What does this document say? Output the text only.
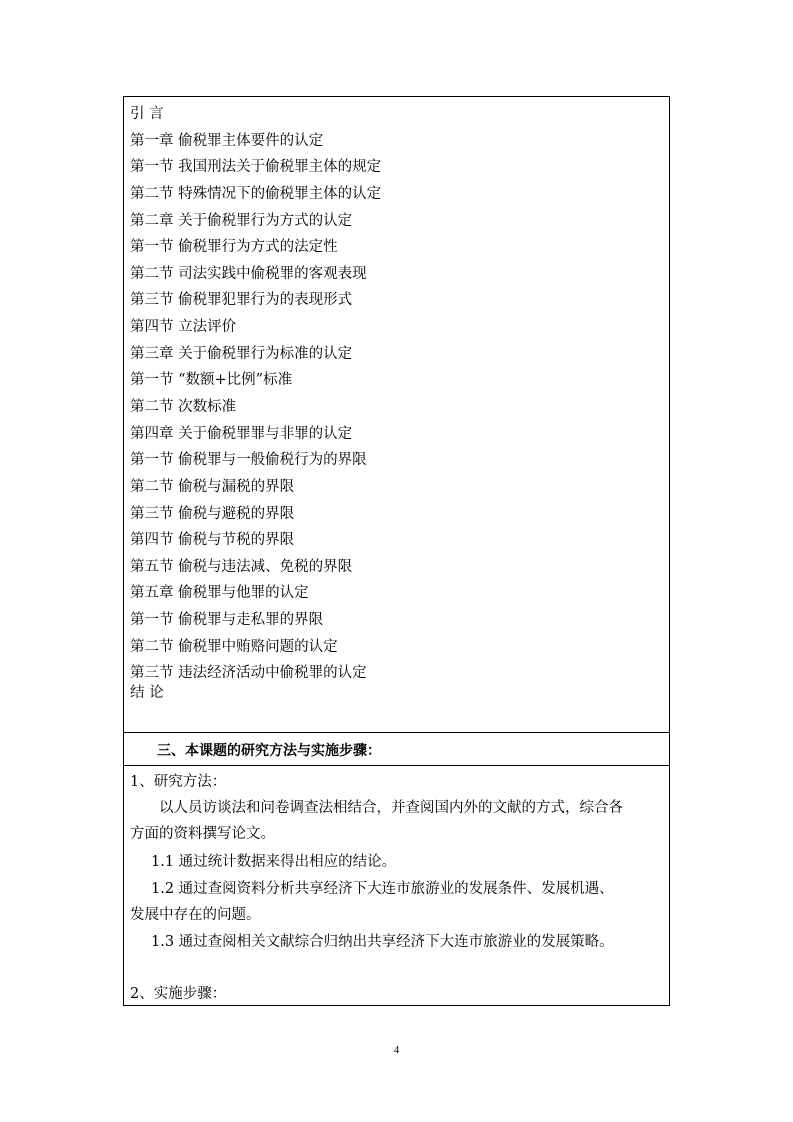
引 言
第一章 偷税罪主体要件的认定
第一节 我国刑法关于偷税罪主体的规定
第二节 特殊情况下的偷税罪主体的认定
第二章 关于偷税罪行为方式的认定
第一节 偷税罪行为方式的法定性
第二节 司法实践中偷税罪的客观表现
第三节 偷税罪犯罪行为的表现形式
第四节 立法评价
第三章 关于偷税罪行为标准的认定
第一节 “数额+比例”标准
第二节 次数标准
第四章 关于偷税罪罪与非罪的认定
第一节 偷税罪与一般偷税行为的界限
第二节 偷税与漏税的界限
第三节 偷税与避税的界限
第四节 偷税与节税的界限
第五节 偷税与违法减、免税的界限
第五章 偷税罪与他罪的认定
第一节 偷税罪与走私罪的界限
第二节 偷税罪中贿赂问题的认定
第三节 违法经济活动中偷税罪的认定
结 论
三、本课题的研究方法与实施步骤：
1、研究方法：
以人员访谈法和问卷调查法相结合，并查阅国内外的文献的方式，综合各
方面的资料撰写论文。
1.1 通过统计数据来得出相应的结论。
1.2 通过查阅资料分析共享经济下大连市旅游业的发展条件、发展机遇、
发展中存在的问题。
1.3 通过查阅相关文献综合归纳出共享经济下大连市旅游业的发展策略。
2、实施步骤：
4
